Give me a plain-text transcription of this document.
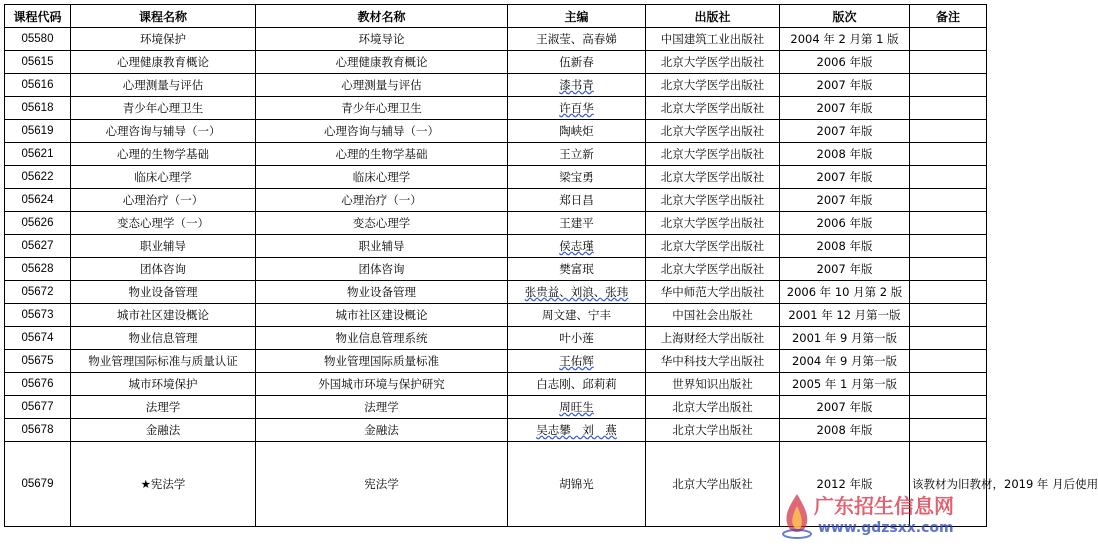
课程代码	课程名称	教材名称	主编	出版社	版次	备注
05580	环境保护	环境导论	王淑莹、高春娣	中国建筑工业出版社	2004 年 2 月第 1 版	
05615	心理健康教育概论	心理健康教育概论	伍新春	北京大学医学出版社	2006 年版	
05616	心理测量与评估	心理测量与评估	漆书青	北京大学医学出版社	2007 年版	
05618	青少年心理卫生	青少年心理卫生	许百华	北京大学医学出版社	2007 年版	
05619	心理咨询与辅导（一）	心理咨询与辅导（一）	陶峡炬	北京大学医学出版社	2007 年版	
05621	心理的生物学基础	心理的生物学基础	王立新	北京大学医学出版社	2008 年版	
05622	临床心理学	临床心理学	梁宝勇	北京大学医学出版社	2007 年版	
05624	心理治疗（一）	心理治疗（一）	郑日昌	北京大学医学出版社	2007 年版	
05626	变态心理学（一）	变态心理学	王建平	北京大学医学出版社	2006 年版	
05627	职业辅导	职业辅导	侯志瑾	北京大学医学出版社	2008 年版	
05628	团体咨询	团体咨询	樊富珉	北京大学医学出版社	2007 年版	
05672	物业设备管理	物业设备管理	张贵益、刘浪、张玮	华中师范大学出版社	2006 年 10 月第 2 版	
05673	城市社区建设概论	城市社区建设概论	周文建、宁丰	中国社会出版社	2001 年 12 月第一版	
05674	物业信息管理	物业信息管理系统	叶小莲	上海财经大学出版社	2001 年 9 月第一版	
05675	物业管理国际标准与质量认证	物业管理国际质量标准	王佑辉	华中科技大学出版社	2004 年 9 月第一版	
05676	城市环境保护	外国城市环境与保护研究	白志刚、邱莉莉	世界知识出版社	2005 年 1 月第一版	
05677	法理学	法理学	周旺生	北京大学出版社	2007 年版	
05678	金融法	金融法	吴志攀　刘　燕	北京大学出版社	2008 年版	
05679	★宪法学	宪法学	胡锦光	北京大学出版社	2012 年版	该教材为旧教材，2019 年 月后使用
广东招生信息网
www.gdzsxx.com
